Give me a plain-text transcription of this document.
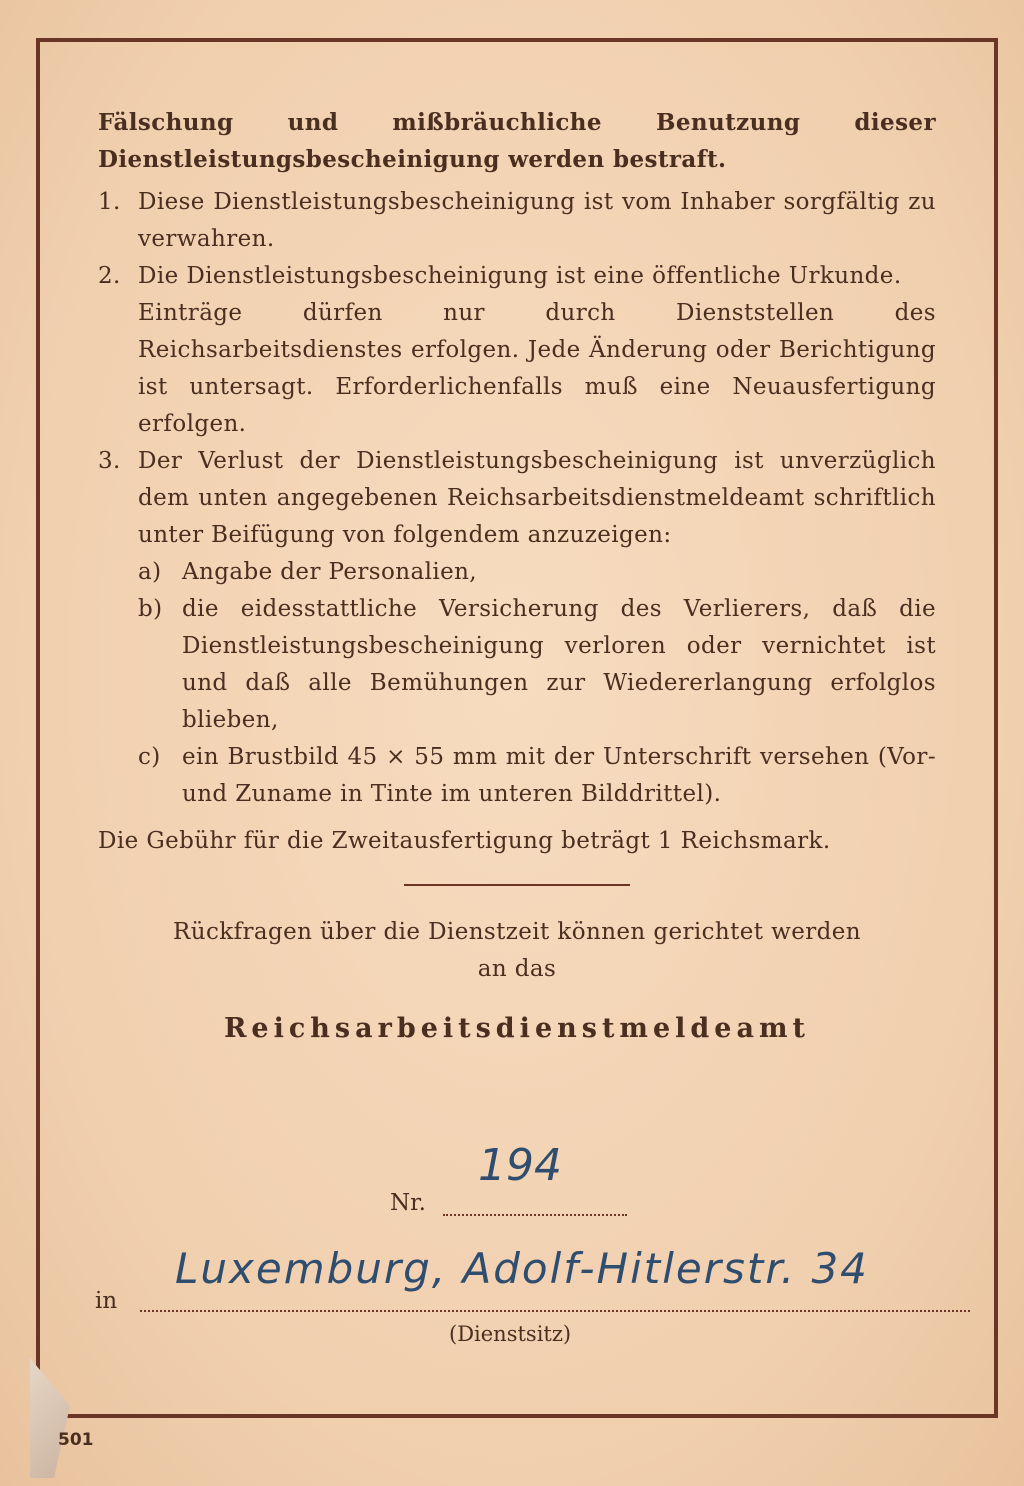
Fälschung und mißbräuchliche Benutzung dieser Dienstleistungsbescheinigung werden bestraft.

1. Diese Dienstleistungsbescheinigung ist vom Inhaber sorgfältig zu verwahren.

2. Die Dienstleistungsbescheinigung ist eine öffentliche Urkunde.

Einträge dürfen nur durch Dienststellen des Reichsarbeitsdienstes erfolgen. Jede Änderung oder Berichtigung ist untersagt. Erforderlichenfalls muß eine Neuausfertigung erfolgen.

3. Der Verlust der Dienstleistungsbescheinigung ist unverzüglich dem unten angegebenen Reichsarbeitsdienstmeldeamt schriftlich unter Beifügung von folgendem anzuzeigen:

a) Angabe der Personalien,
b) die eidesstattliche Versicherung des Verlierers, daß die Dienstleistungsbescheinigung verloren oder vernichtet ist und daß alle Bemühungen zur Wiedererlangung erfolglos blieben,
c) ein Brustbild 45 × 55 mm mit der Unterschrift versehen (Vor- und Zuname in Tinte im unteren Bilddrittel).

Die Gebühr für die Zweitausfertigung beträgt 1 Reichsmark.

Rückfragen über die Dienstzeit können gerichtet werden

an das

Reichsarbeitsdienstmeldeamt
Nr.
194
in
Luxemburg, Adolf-Hitlerstr. 34
(Dienstsitz)
501
